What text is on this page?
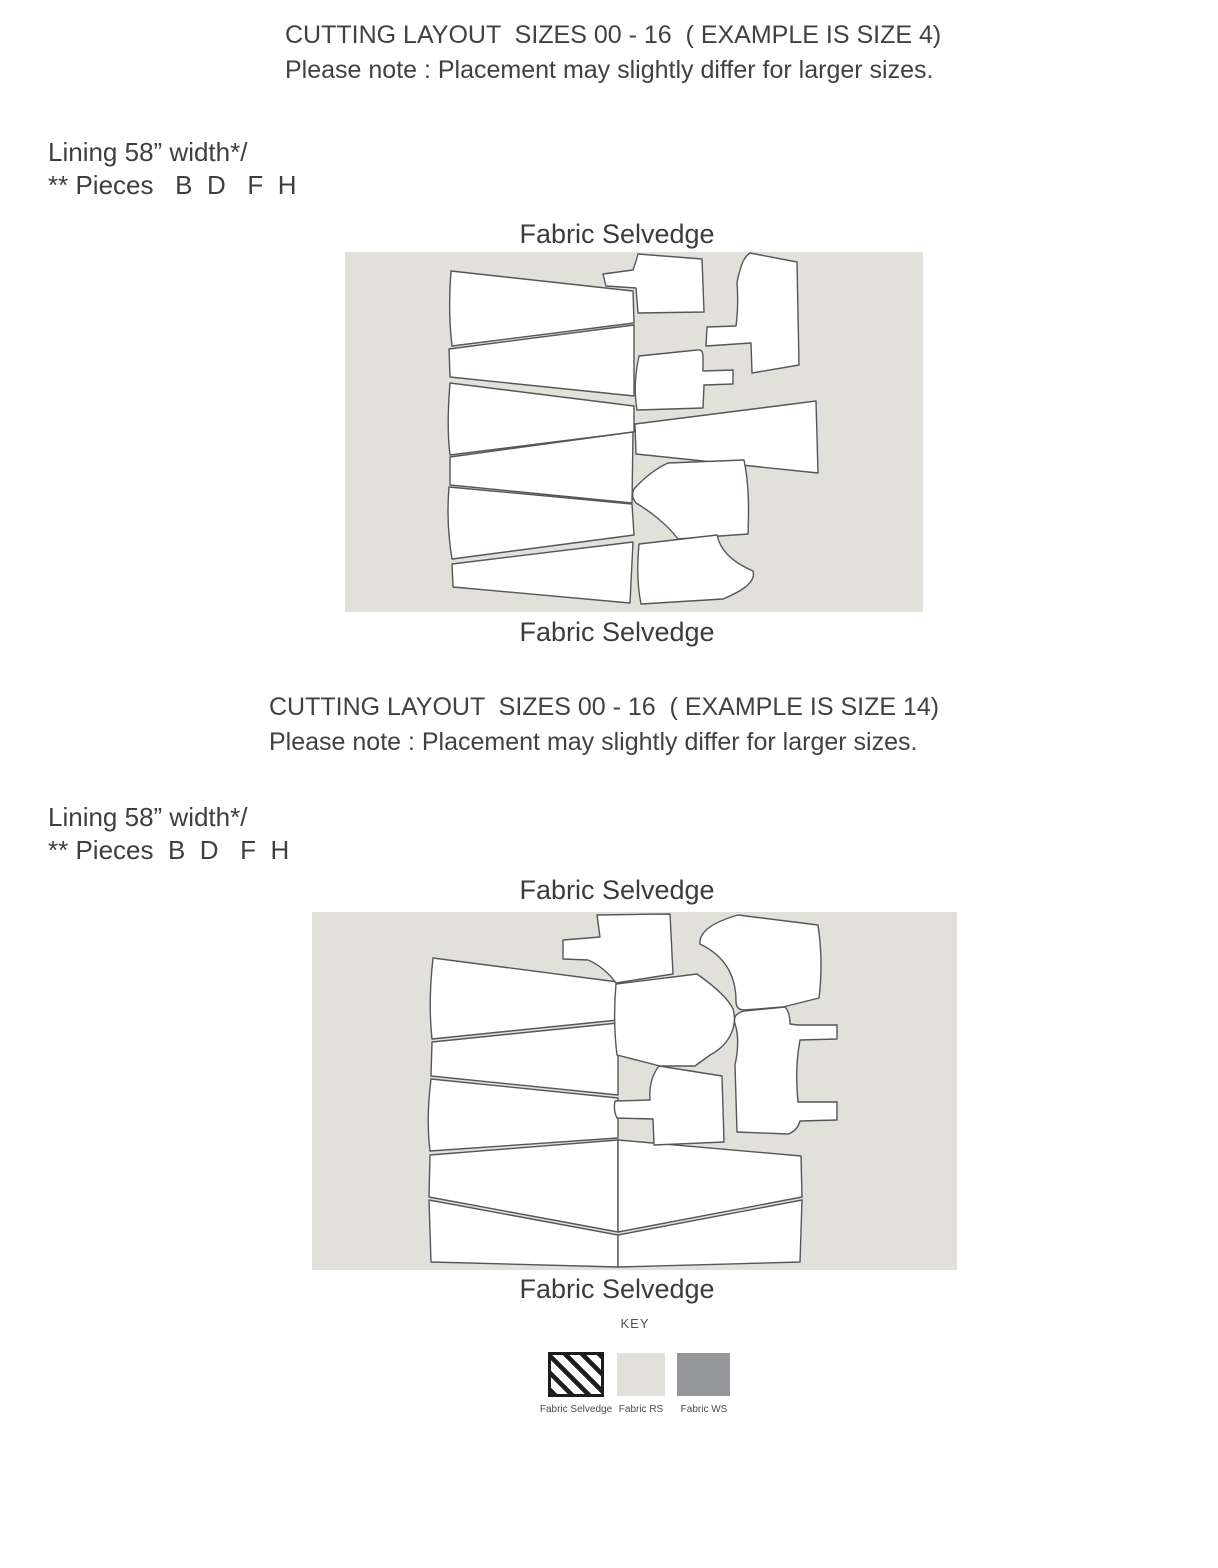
CUTTING LAYOUT  SIZES 00 - 16  ( EXAMPLE IS SIZE 4)
Please note : Placement may slightly differ for larger sizes.
Lining 58” width*/
** Pieces   B  D   F  H
Fabric Selvedge
Fabric Selvedge
CUTTING LAYOUT  SIZES 00 - 16  ( EXAMPLE IS SIZE 14)
Please note : Placement may slightly differ for larger sizes.
Lining 58” width*/
** Pieces  B  D   F  H
Fabric Selvedge
Fabric Selvedge
KEY
Fabric Selvedge Fabric RS Fabric WS
